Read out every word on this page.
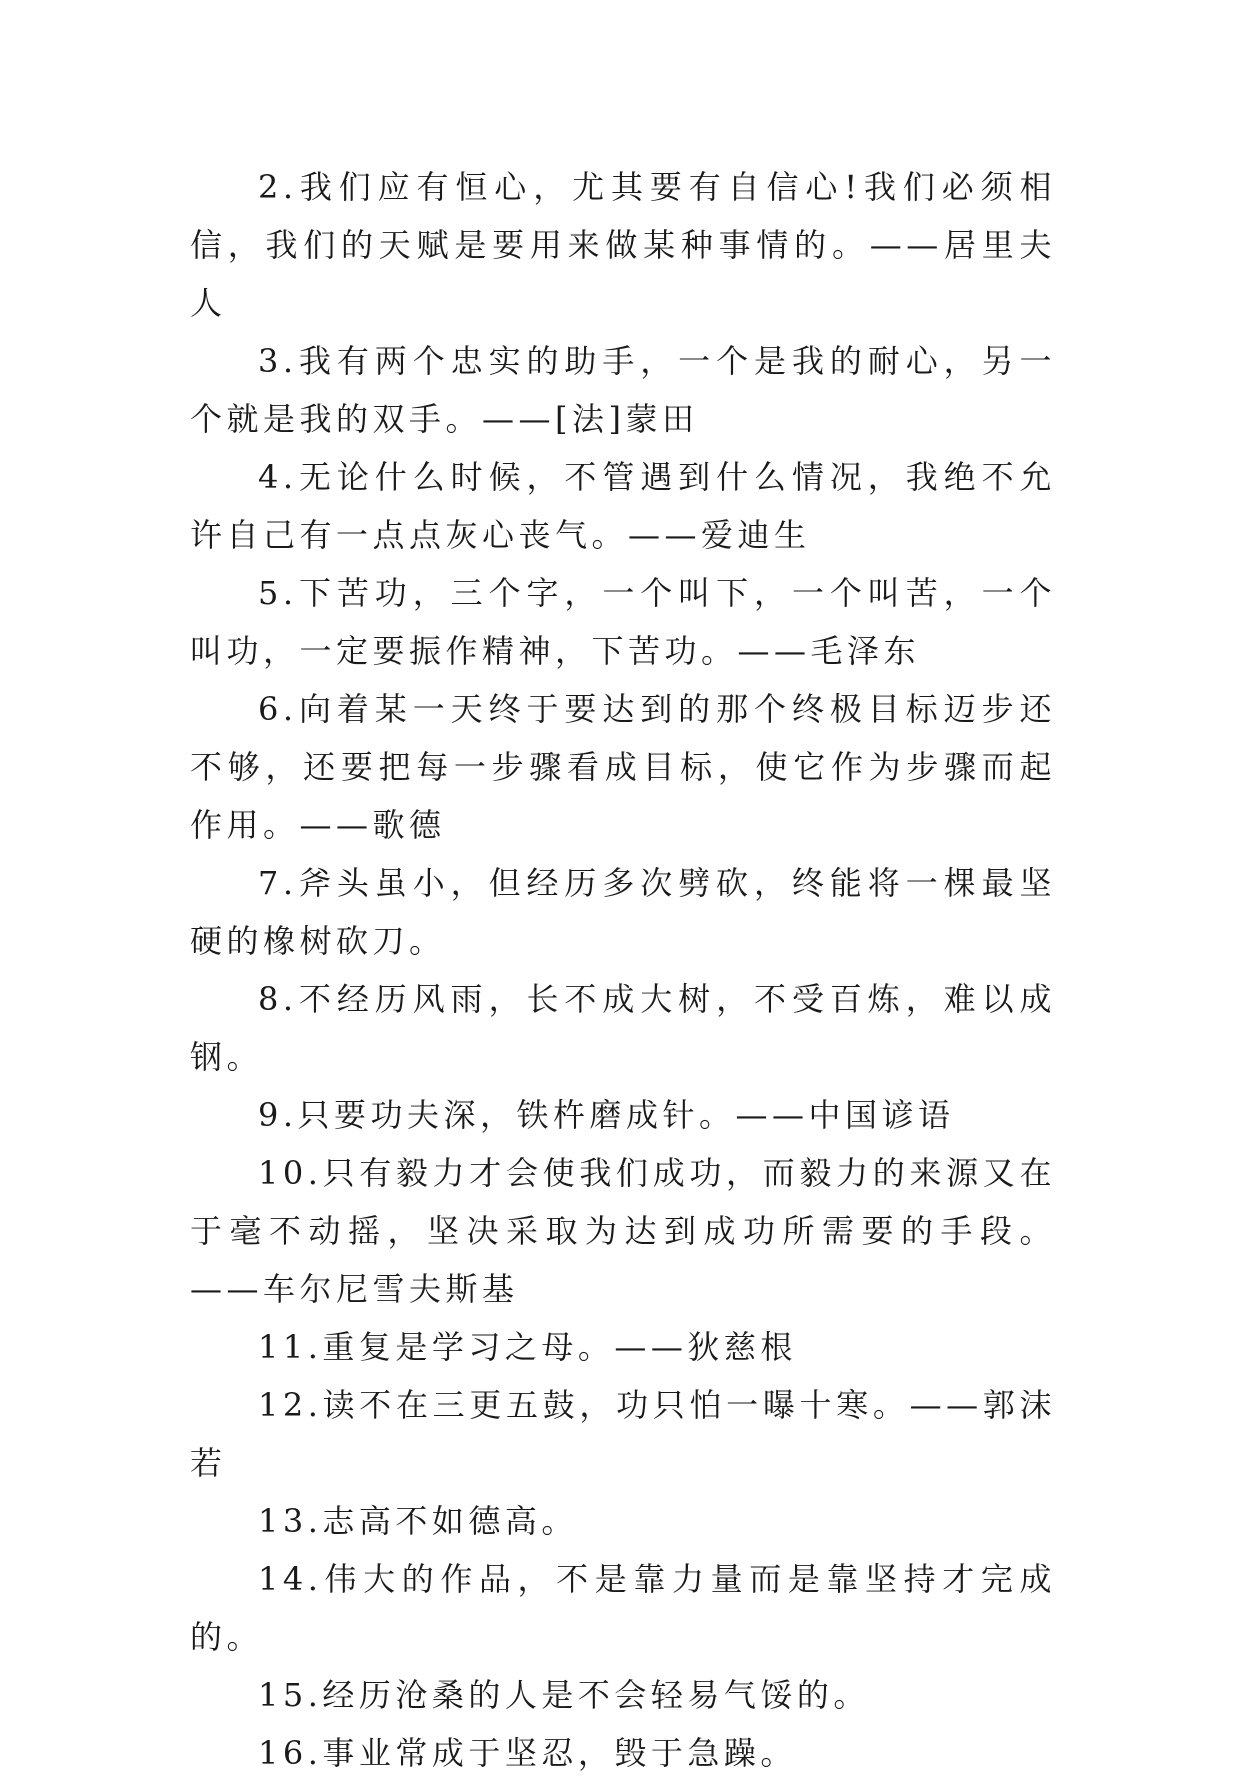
2.我们应有恒心，尤其要有自信心!我们必须相信，我们的天赋是要用来做某种事情的。——居里夫人

3.我有两个忠实的助手，一个是我的耐心，另一个就是我的双手。——[法]蒙田

4.无论什么时候，不管遇到什么情况，我绝不允许自己有一点点灰心丧气。——爱迪生

5.下苦功，三个字，一个叫下，一个叫苦，一个叫功，一定要振作精神，下苦功。——毛泽东

6.向着某一天终于要达到的那个终极目标迈步还不够，还要把每一步骤看成目标，使它作为步骤而起作用。——歌德

7.斧头虽小，但经历多次劈砍，终能将一棵最坚硬的橡树砍刀。

8.不经历风雨，长不成大树，不受百炼，难以成钢。

9.只要功夫深，铁杵磨成针。——中国谚语

10.只有毅力才会使我们成功，而毅力的来源又在于毫不动摇，坚决采取为达到成功所需要的手段。——车尔尼雪夫斯基

11.重复是学习之母。——狄慈根

12.读不在三更五鼓，功只怕一曝十寒。——郭沫若

13.志高不如德高。

14.伟大的作品，不是靠力量而是靠坚持才完成的。

15.经历沧桑的人是不会轻易气馁的。

16.事业常成于坚忍，毁于急躁。
